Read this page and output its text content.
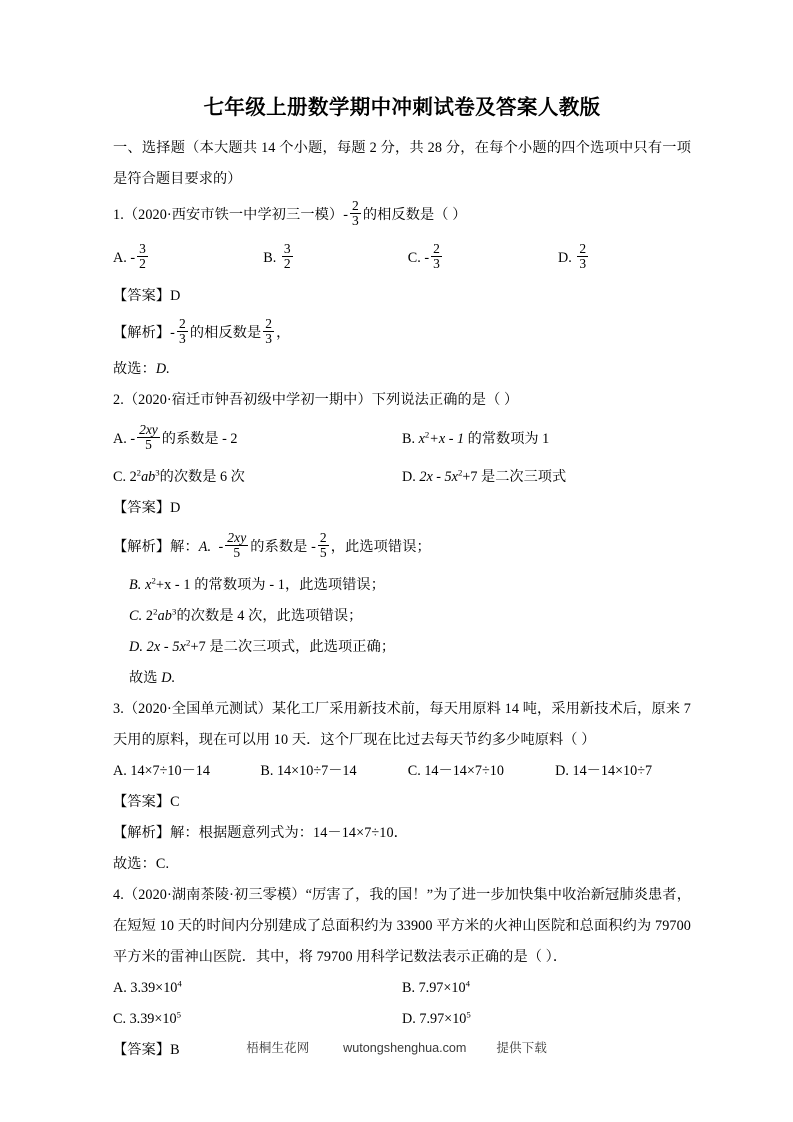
七年级上册数学期中冲刺试卷及答案人教版

一、选择题（本大题共 14 个小题，每题 2 分，共 28 分，在每个小题的四个选项中只有一项是符合题目要求的）

1.（2020·西安市铁一中学初三一模）- $\frac{2}{3}$ 的相反数是（ ）

A. - $\frac{3}{2}$	B. $\frac{3}{2}$	C. - $\frac{2}{3}$	D. $\frac{2}{3}$

【答案】D

【解析】- $\frac{2}{3}$ 的相反数是 $\frac{2}{3}$ ，

故选：D.

2.（2020·宿迁市钟吾初级中学初一期中）下列说法正确的是（ ）

A. - $\frac{2xy}{5}$ 的系数是 - 2	B. $x^2+x - 1$ 的常数项为 1
C. $2^2ab^3$的次数是 6 次	D. $2x - 5x^2+7$ 是二次三项式

【答案】D

【解析】解：A. - $\frac{2xy}{5}$ 的系数是 - $\frac{2}{5}$ ，此选项错误；

B. $x^2+x - 1$ 的常数项为 - 1，此选项错误；

C. $2^2ab^3$的次数是 4 次，此选项错误；

D. $2x - 5x^2+7$ 是二次三项式，此选项正确；

故选 D.

3.（2020·全国单元测试）某化工厂采用新技术前，每天用原料 14 吨，采用新技术后，原来 7 天用的原料，现在可以用 10 天．这个厂现在比过去每天节约多少吨原料（ ）

A. 14×7÷10－14	B. 14×10÷7－14	C. 14－14×7÷10	D. 14－14×10÷7

【答案】C

【解析】解：根据题意列式为：14－14×7÷10．

故选：C.

4.（2020·湖南茶陵·初三零模）“厉害了，我的国！”为了进一步加快集中收治新冠肺炎患者，在短短 10 天的时间内分别建成了总面积约为 33900 平方米的火神山医院和总面积约为 79700 平方米的雷神山医院．其中，将 79700 用科学记数法表示正确的是（ ）．

A. $3.39\times 10^4$	B. $7.97\times 10^4$
C. $3.39\times 10^5$	D. $7.97\times 10^5$

【答案】B	梧桐生花网	wutongshenghua.com 提供下载
